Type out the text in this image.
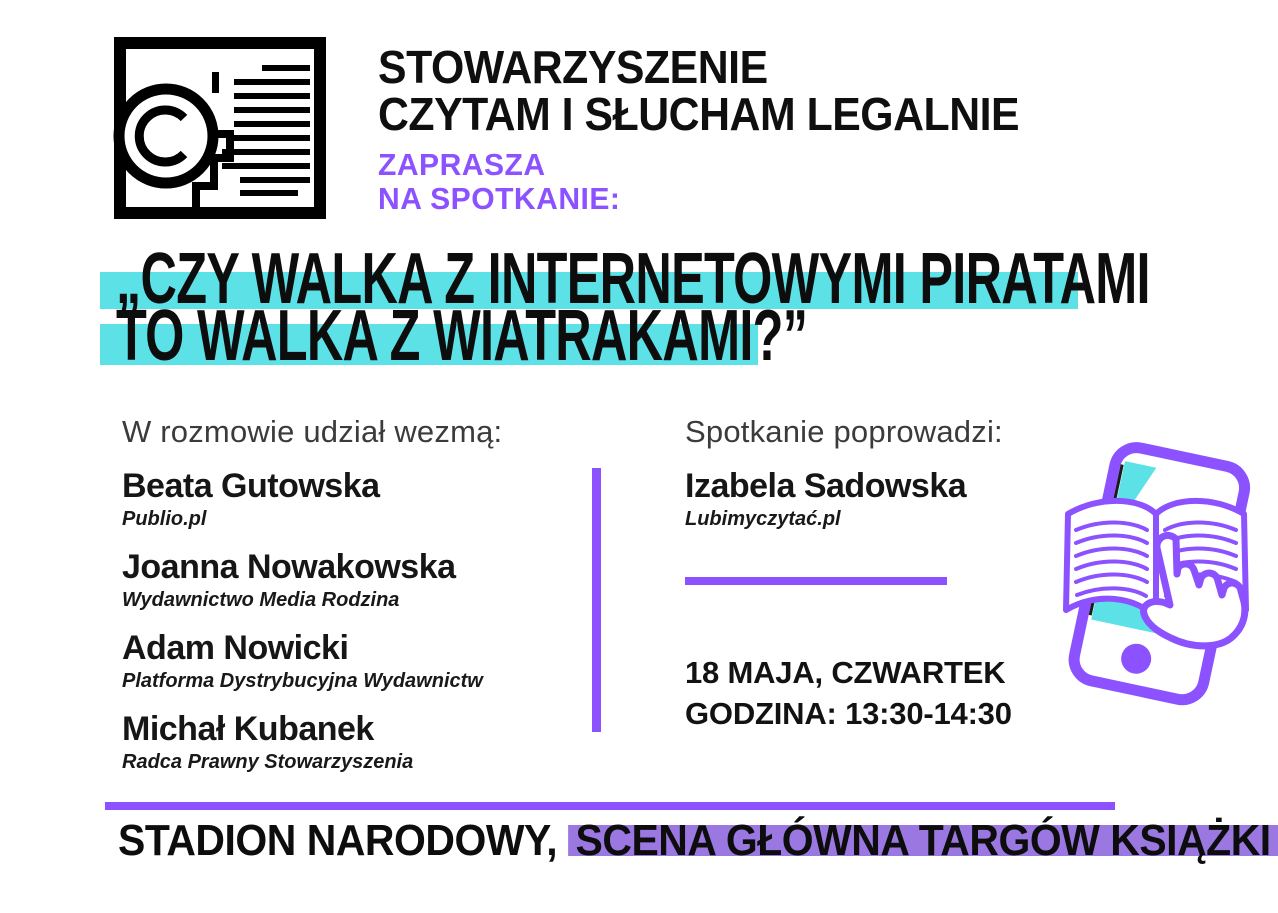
STOWARZYSZENIE
CZYTAM I SŁUCHAM LEGALNIE
ZAPRASZA
NA SPOTKANIE:
„CZY WALKA Z INTERNETOWYMI PIRATAMI
TO WALKA Z WIATRAKAMI?”
W rozmowie udział wezmą:
Beata Gutowska
Publio.pl
Joanna Nowakowska
Wydawnictwo Media Rodzina
Adam Nowicki
Platforma Dystrybucyjna Wydawnictw
Michał Kubanek
Radca Prawny Stowarzyszenia
Spotkanie poprowadzi:
Izabela Sadowska
Lubimyczytać.pl
18 MAJA, CZWARTEK
GODZINA: 13:30-14:30
STADION NARODOWY, SCENA GŁÓWNA TARGÓW KSIĄŻKI
